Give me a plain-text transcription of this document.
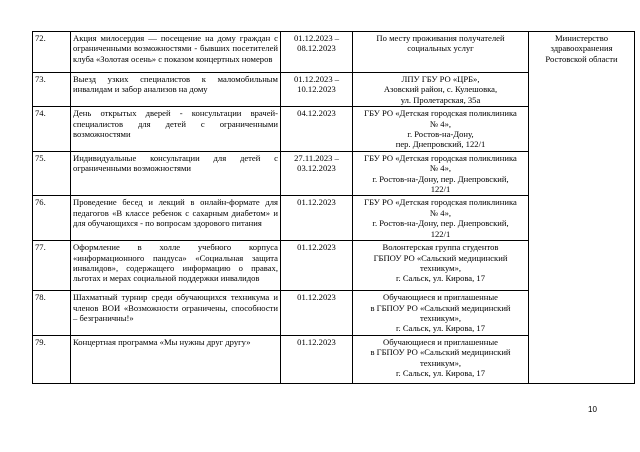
72.	Акция милосердия — посещение на дому граждан с ограниченными возможностями - бывших посетителей клуба «Золотая осень» с показом концертных номеров	01.12.2023 –
08.12.2023	По месту проживания получателей
социальных услуг	Министерство
здравоохранения
Ростовской области

73.	Выезд узких специалистов к маломобильным инвалидам и забор анализов на дому	01.12.2023 –
10.12.2023	ЛПУ ГБУ РО «ЦРБ»,
Азовский район, с. Кулешовка,
ул. Пролетарская, 35а	

74.	День открытых дверей - консультации врачей-специалистов для детей с ограниченными возможностями	04.12.2023	ГБУ РО «Детская городская поликлиника
№ 4»,
г. Ростов-на-Дону,
пер. Днепровский, 122/1	

75.	Индивидуальные консультации для детей с ограниченными возможностями	27.11.2023 –
03.12.2023	ГБУ РО «Детская городская поликлиника
№ 4»,
г. Ростов-на-Дону, пер. Днепровский,
122/1	

76.	Проведение бесед и лекций в онлайн-формате для педагогов «В классе ребенок с сахарным диабетом» и для обучающихся - по вопросам здорового питания	01.12.2023	ГБУ РО «Детская городская поликлиника
№ 4»,
г. Ростов-на-Дону, пер. Днепровский,
122/1	

77.	Оформление в холле учебного корпуса «информационного пандуса» «Социальная защита инвалидов», содержащего информацию о правах, льготах и мерах социальной поддержки инвалидов	01.12.2023	Волонтерская группа студентов
ГБПОУ РО «Сальский медицинский
техникум»,
г. Сальск, ул. Кирова, 17	

78.	Шахматный турнир среди обучающихся техникума и членов ВОИ «Возможности ограничены, способности – безграничны!»	01.12.2023	Обучающиеся и приглашенные
в ГБПОУ РО «Сальский медицинский
техникум»,
г. Сальск, ул. Кирова, 17	

79.	Концертная программа «Мы нужны друг другу»	01.12.2023	Обучающиеся и приглашенные
в ГБПОУ РО «Сальский медицинский
техникум»,
г. Сальск, ул. Кирова, 17	
10
